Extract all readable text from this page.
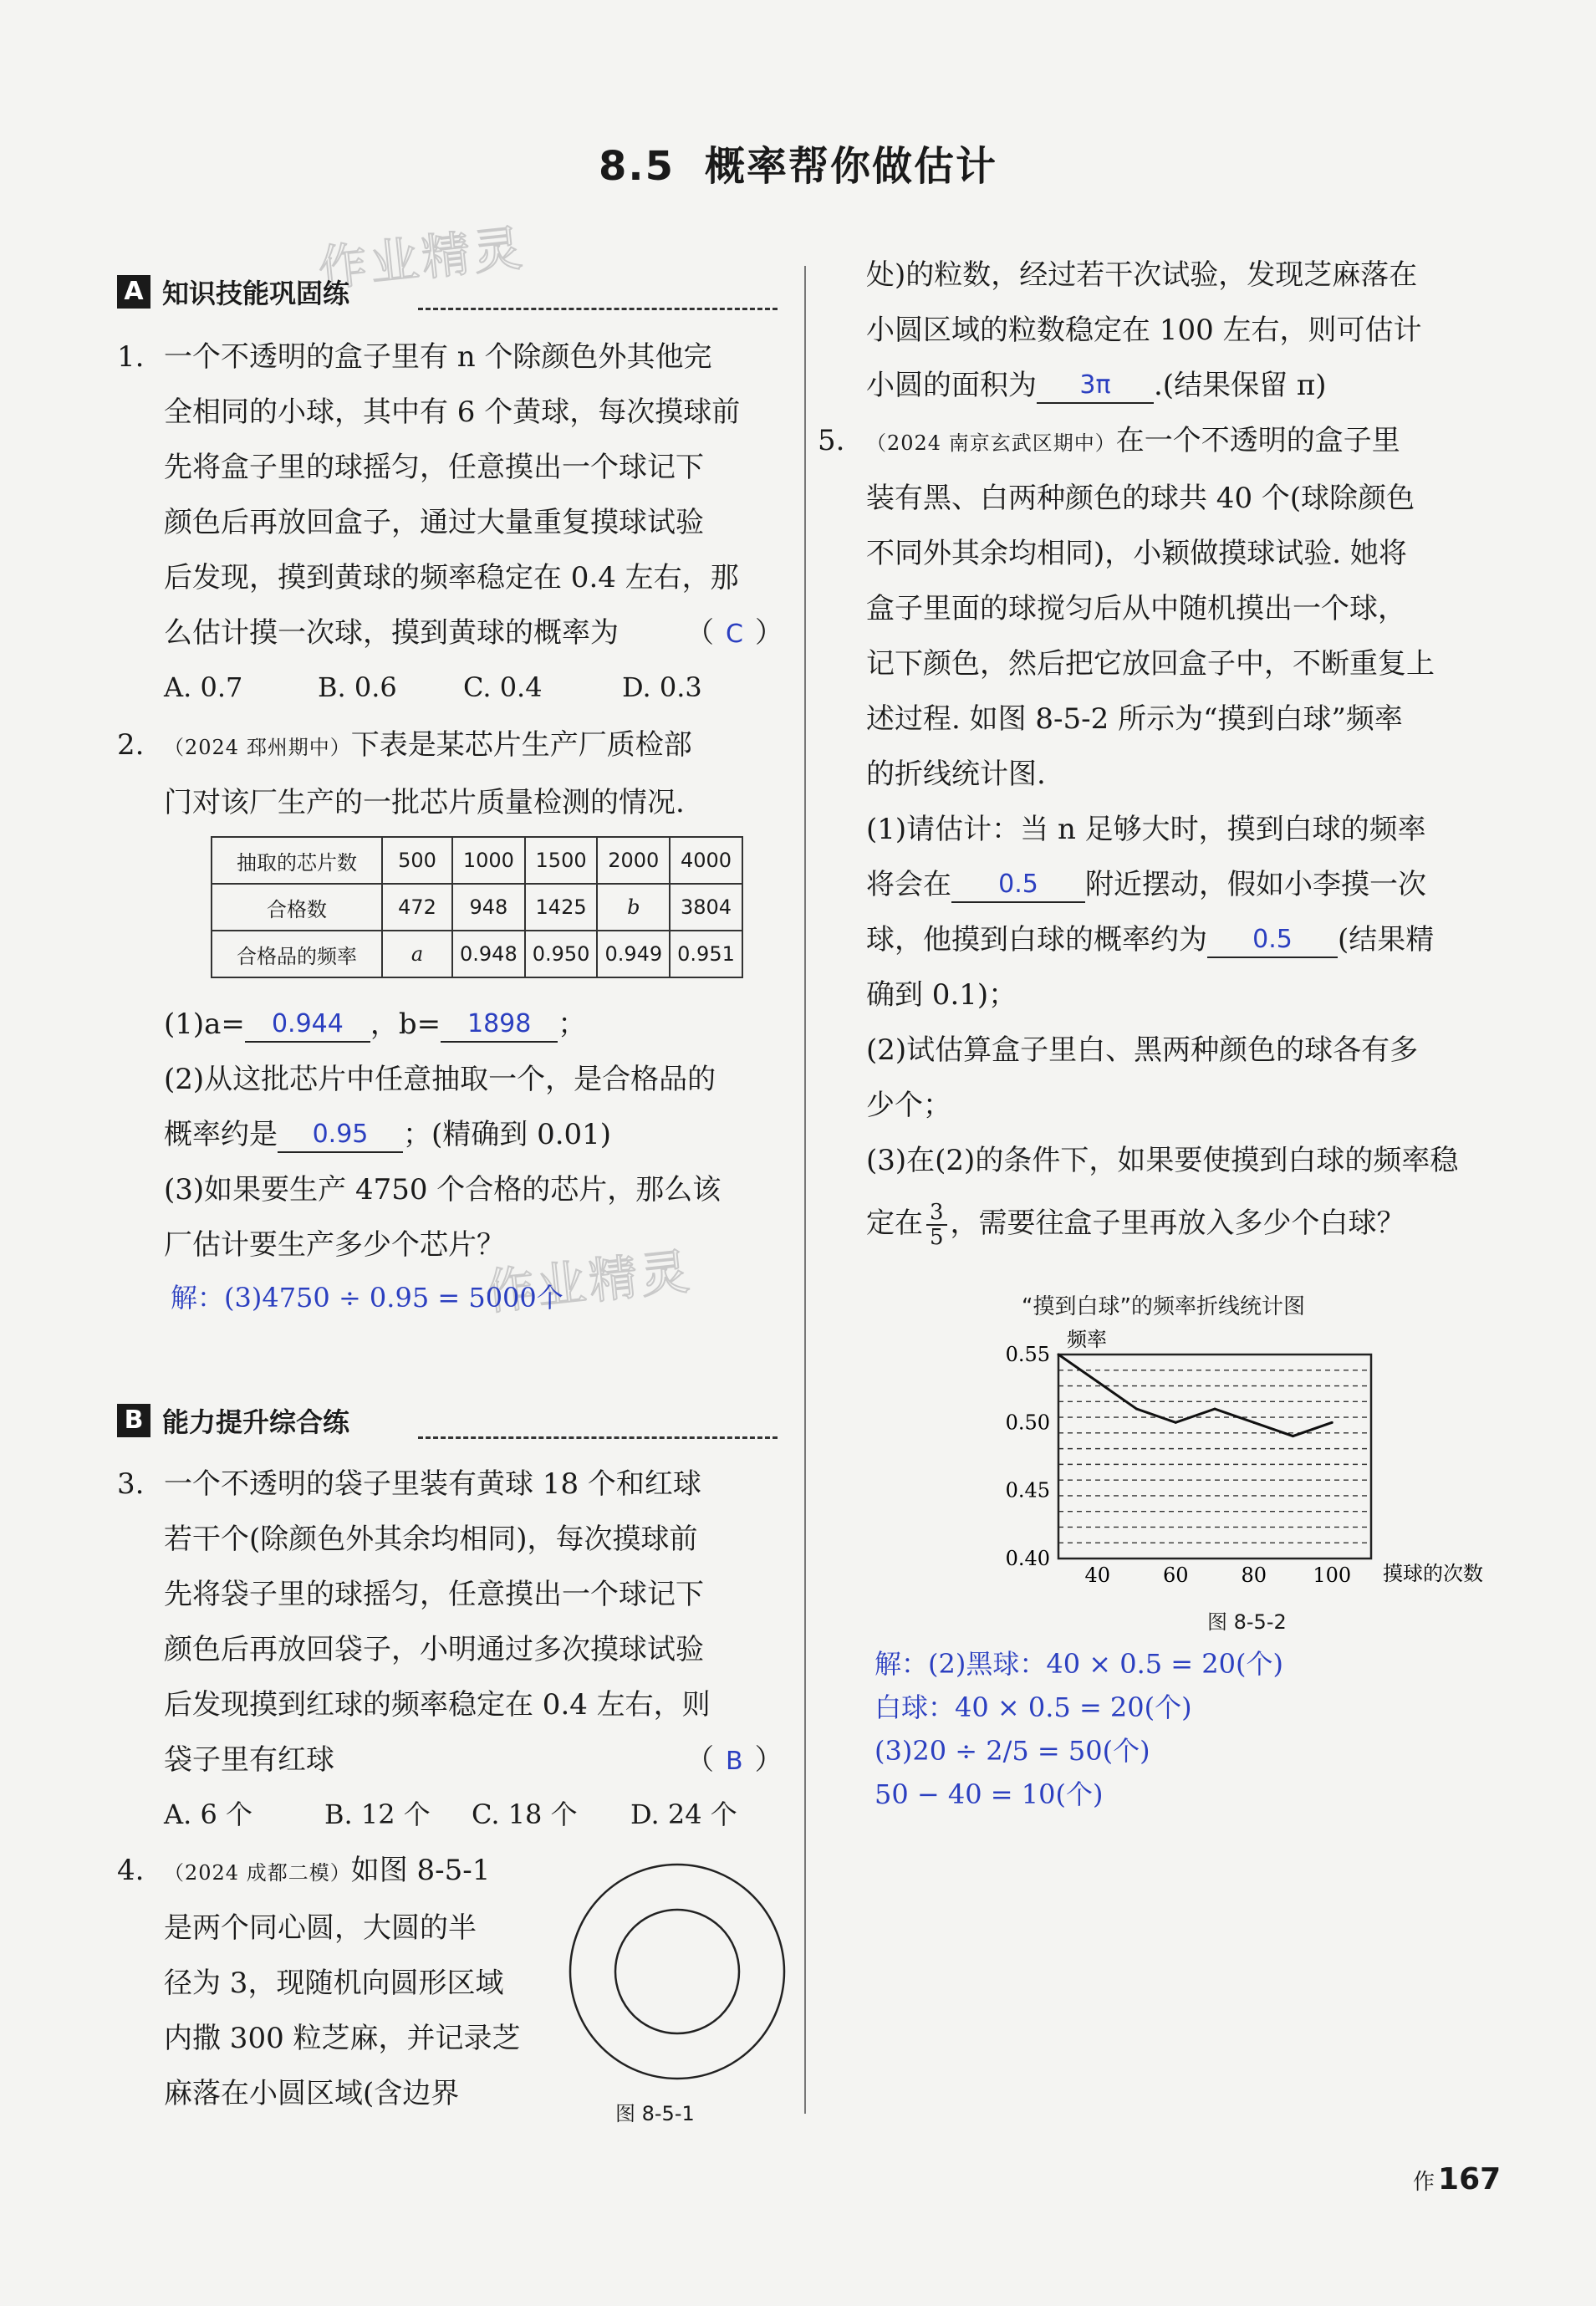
8.5 概率帮你做估计
作业精灵
作业精灵
A 知识技能巩固练
1. 一个不透明的盒子里有 n 个除颜色外其他完
全相同的小球，其中有 6 个黄球，每次摸球前
先将盒子里的球摇匀，任意摸出一个球记下
颜色后再放回盒子，通过大量重复摸球试验
后发现，摸到黄球的频率稳定在 0.4 左右，那
么估计摸一次球，摸到黄球的概率为 （ C ）
A. 0.7	B. 0.6 C. 0.4	D. 0.3
2. （2024 邳州期中）下表是某芯片生产厂质检部
门对该厂生产的一批芯片质量检测的情况.
抽取的芯片数	500	1000	1500	2000	4000
合格数	472	948	1425	b	3804
合格品的频率	a	0.948	0.950	0.949	0.951
(1)a= 0.944 ，b= 1898 ；
(2)从这批芯片中任意抽取一个，是合格品的
概率约是 0.95 ；(精确到 0.01)
(3)如果要生产 4750 个合格的芯片，那么该
厂估计要生产多少个芯片？
解：(3)4750 ÷ 0.95 = 5000个
B 能力提升综合练
3. 一个不透明的袋子里装有黄球 18 个和红球
若干个(除颜色外其余均相同)，每次摸球前
先将袋子里的球摇匀，任意摸出一个球记下
颜色后再放回袋子，小明通过多次摸球试验
后发现摸到红球的频率稳定在 0.4 左右，则
袋子里有红球	（ B ）
A. 6 个	B. 12 个 C. 18 个 D. 24 个
4. （2024 成都二模）如图 8-5-1
是两个同心圆，大圆的半
径为 3，现随机向圆形区域
内撒 300 粒芝麻，并记录芝
麻落在小圆区域(含边界
图 8-5-1
处)的粒数，经过若干次试验，发现芝麻落在
小圆区域的粒数稳定在 100 左右，则可估计
小圆的面积为 3π .(结果保留 π)
5. （2024 南京玄武区期中）在一个不透明的盒子里
装有黑、白两种颜色的球共 40 个(球除颜色
不同外其余均相同)，小颖做摸球试验. 她将
盒子里面的球搅匀后从中随机摸出一个球，
记下颜色，然后把它放回盒子中，不断重复上
述过程. 如图 8-5-2 所示为“摸到白球”频率
的折线统计图.
(1)请估计：当 n 足够大时，摸到白球的频率
将会在 0.5 附近摆动，假如小李摸一次
球，他摸到白球的概率约为 0.5 (结果精
确到 0.1)；
(2)试估算盒子里白、黑两种颜色的球各有多
少个；
(3)在(2)的条件下，如果要使摸到白球的频率稳
定在 $\frac{3}{5}$ ，需要往盒子里再放入多少个白球？
“摸到白球”的频率折线统计图
0.40
0.45
0.50
0.55
40	60	80 100
频率
摸球的次数
图 8-5-2
解：(2)黑球：40 × 0.5 = 20(个)
白球：40 × 0.5 = 20(个)
(3)20 ÷ 2/5 = 50(个)
50 − 40 = 10(个)
作 167
